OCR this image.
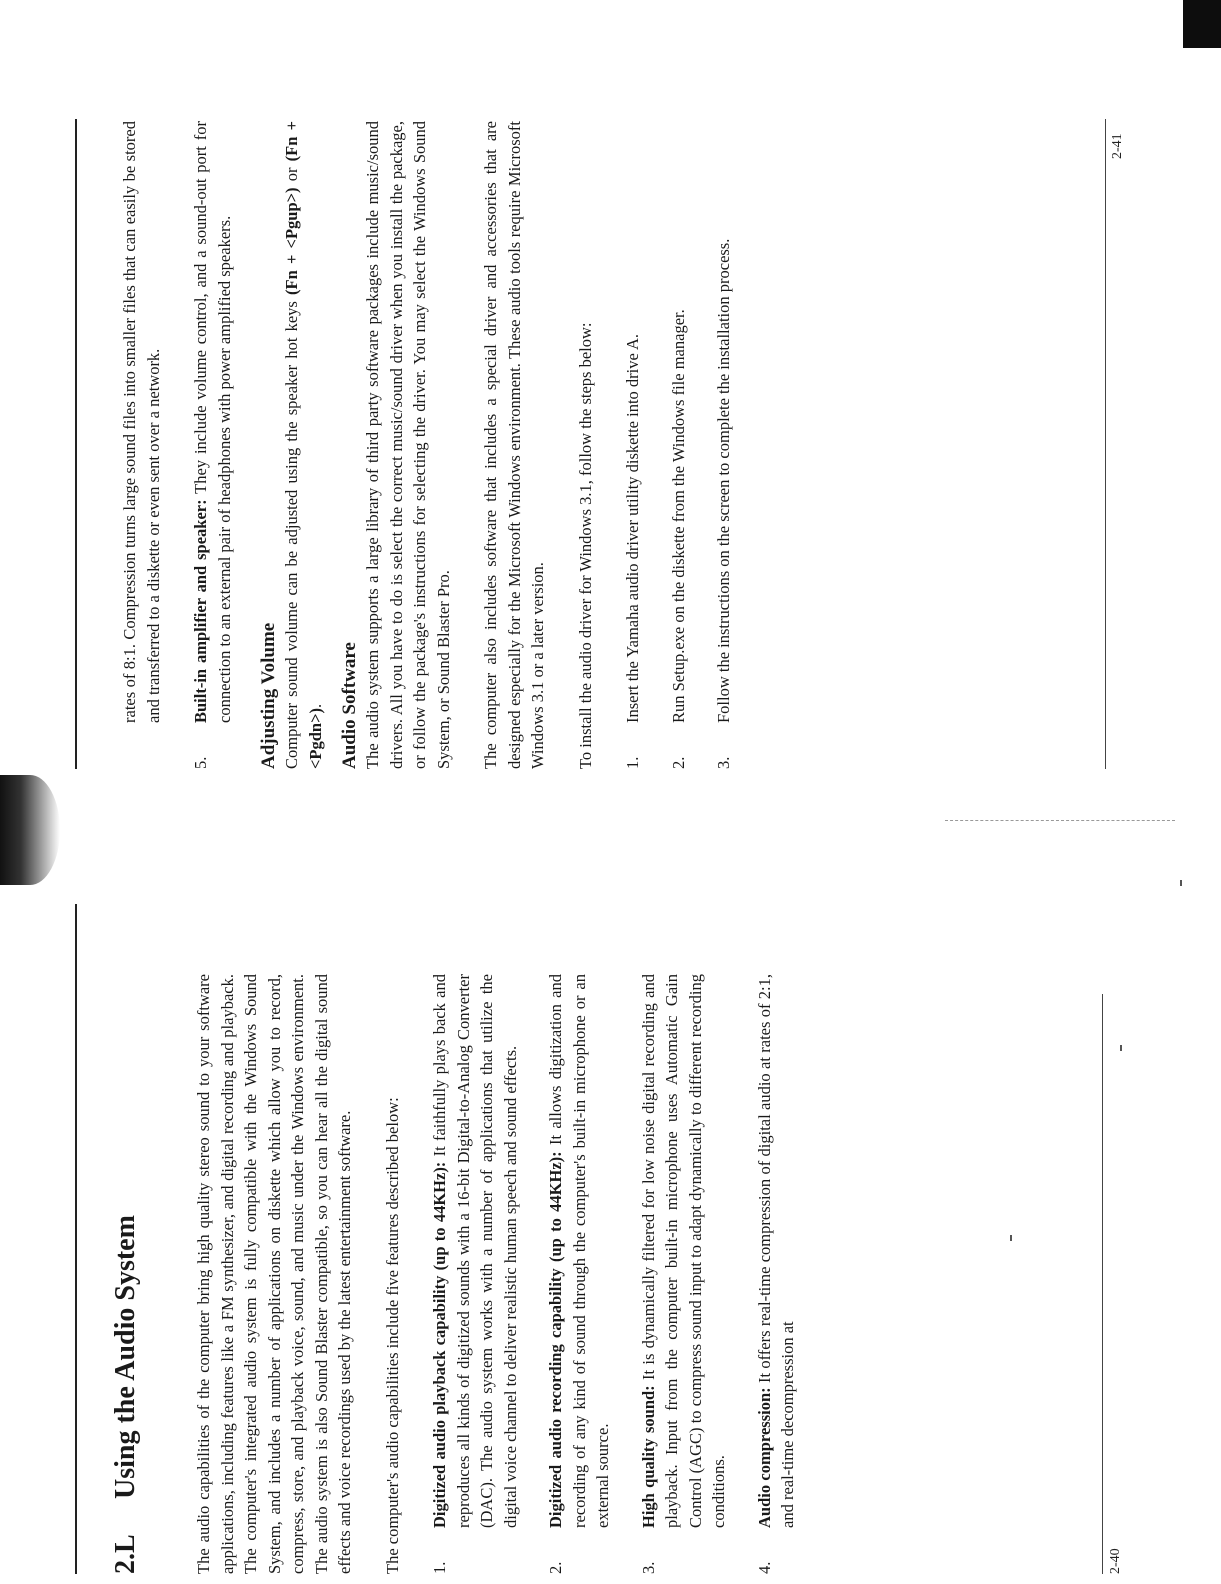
2.LUsing the Audio System	The audio capabilities of the computer bring high quality stereo sound to your software applications, including features like a FM synthesizer, and digital recording and playback. The computer's integrated audio system is fully compatible with the Windows Sound System, and includes a number of applications on diskette which allow you to record, compress, store, and playback voice, sound, and music under the Windows environment. The audio system is also Sound Blaster compatible, so you can hear all the digital sound effects and voice recordings used by the latest entertainment software. The computer's audio capabilities include five features described below: 1.
Digitized audio playback capability (up to 44KHz): It faithfully plays back and reproduces all kinds of digitized sounds with a 16-bit Digital-to-Analog Converter (DAC). The audio system works with a number of applications that utilize the digital voice channel to deliver realistic human speech and sound effects.
2.
Digitized audio recording capability (up to 44KHz): It allows digitization and recording of any kind of sound through the computer's built-in microphone or an external source.
3.
High quality sound: It is dynamically filtered for low noise digital recording and playback. Input from the computer built-in microphone uses Automatic Gain Control (AGC) to compress sound input to adapt dynamically to different recording conditions.
4.
Audio compression: It offers real-time compression of digital audio at rates of 2:1, and real-time decompression at
2-40

rates of 8:1. Compression turns large sound files into smaller files that can easily be stored and transferred to a diskette or even sent over a network.

5.
Built-in amplifier and speaker: They include volume control, and a sound-out port for connection to an external pair of headphones with power amplified speakers. Adjusting Volume Computer sound volume can be adjusted using the speaker hot keys (Fn + <Pgup>) or (Fn + <Pgdn>). Audio Software The audio system supports a large library of third party software packages include music/sound drivers. All you have to do is select the correct music/sound driver when you install the package, or follow the package's instructions for selecting the driver. You may select the Windows Sound System, or Sound Blaster Pro. The computer also includes software that includes a special driver and accessories that are designed especially for the Microsoft Windows environment. These audio tools require Microsoft Windows 3.1 or a later version. To install the audio driver for Windows 3.1, follow the steps below: 1.
Insert the Yamaha audio driver utility diskette into drive A.
2.
Run Setup.exe on the diskette from the Windows file manager.
3.
Follow the instructions on the screen to complete the installation process.
2-41
